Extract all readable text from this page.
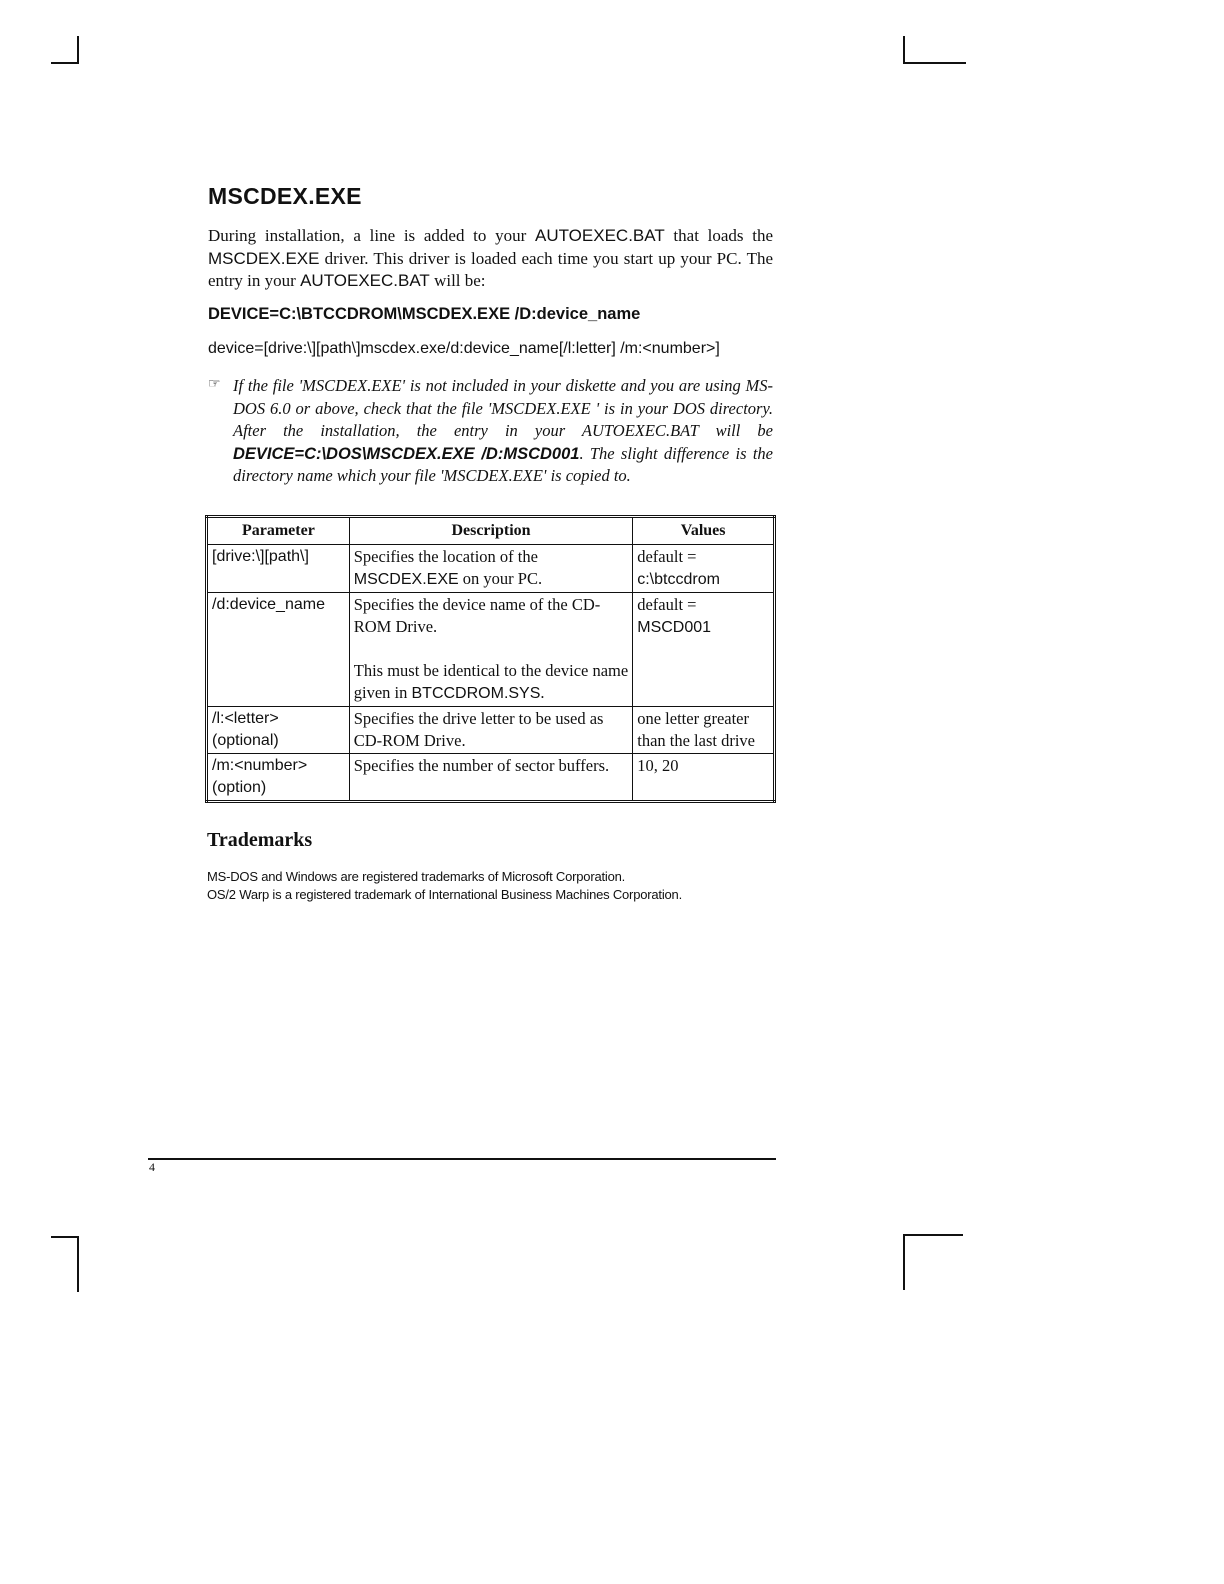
MSCDEX.EXE

During installation, a line is added to your AUTOEXEC.BAT that loads the MSCDEX.EXE driver. This driver is loaded each time you start up your PC. The entry in your AUTOEXEC.BAT will be:

DEVICE=C:\BTCCDROM\MSCDEX.EXE /D:device_name

device=[drive:\][path\]mscdex.exe/d:device_name[/l:letter] /m:<number>]

☞ If the file 'MSCDEX.EXE' is not included in your diskette and you are using MS-DOS 6.0 or above, check that the file 'MSCDEX.EXE ' is in your DOS directory. After the installation, the entry in your AUTOEXEC.BAT will be DEVICE=C:\DOS\MSCDEX.EXE /D:MSCD001. The slight difference is the directory name which your file 'MSCDEX.EXE' is copied to.

Parameter	Description	Values
[drive:\][path\]	Specifies the location of the MSCDEX.EXE on your PC.	default =
c:\btccdrom
/d:device_name	Specifies the device name of the CD-ROM Drive.

This must be identical to the device name given in BTCCDROM.SYS.	default =
MSCD001
/l:<letter>
(optional)	Specifies the drive letter to be used as CD-ROM Drive.	one letter greater than the last drive
/m:<number>
(option)	Specifies the number of sector buffers.	10, 20
Trademarks

MS-DOS and Windows are registered trademarks of Microsoft Corporation.

OS/2 Warp is a registered trademark of International Business Machines Corporation.

4
